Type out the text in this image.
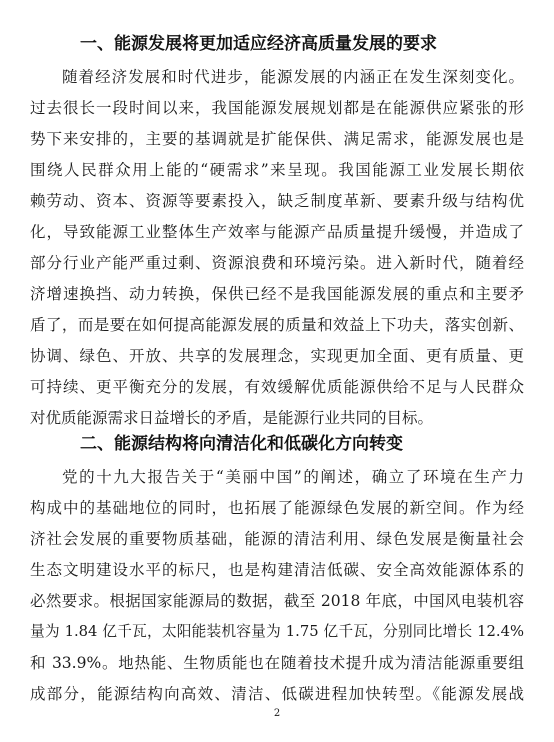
一、能源发展将更加适应经济高质量发展的要求
随着经济发展和时代进步，能源发展的内涵正在发生深刻变化。
过去很长一段时间以来，我国能源发展规划都是在能源供应紧张的形
势下来安排的，主要的基调就是扩能保供、满足需求，能源发展也是
围绕人民群众用上能的“硬需求”来呈现。我国能源工业发展长期依
赖劳动、资本、资源等要素投入，缺乏制度革新、要素升级与结构优
化，导致能源工业整体生产效率与能源产品质量提升缓慢，并造成了
部分行业产能严重过剩、资源浪费和环境污染。进入新时代，随着经
济增速换挡、动力转换，保供已经不是我国能源发展的重点和主要矛
盾了，而是要在如何提高能源发展的质量和效益上下功夫，落实创新、
协调、绿色、开放、共享的发展理念，实现更加全面、更有质量、更
可持续、更平衡充分的发展，有效缓解优质能源供给不足与人民群众
对优质能源需求日益增长的矛盾，是能源行业共同的目标。
二、能源结构将向清洁化和低碳化方向转变
党的十九大报告关于“美丽中国”的阐述，确立了环境在生产力
构成中的基础地位的同时，也拓展了能源绿色发展的新空间。作为经
济社会发展的重要物质基础，能源的清洁利用、绿色发展是衡量社会
生态文明建设水平的标尺，也是构建清洁低碳、安全高效能源体系的
必然要求。根据国家能源局的数据，截至 2018 年底，中国风电装机容
量为 1.84 亿千瓦，太阳能装机容量为 1.75 亿千瓦，分别同比增长 12.4%
和 33.9%。地热能、生物质能也在随着技术提升成为清洁能源重要组
成部分，能源结构向高效、清洁、低碳进程加快转型。《能源发展战
2
